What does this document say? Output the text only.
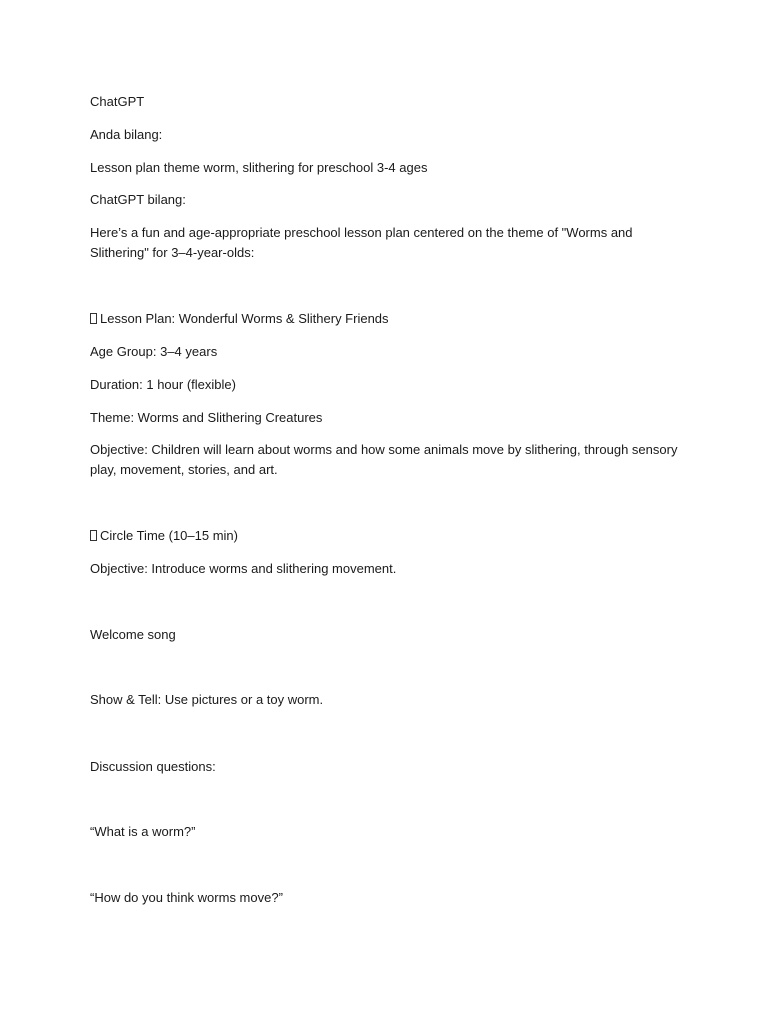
ChatGPT

Anda bilang:

Lesson plan theme worm, slithering for preschool 3-4 ages

ChatGPT bilang:

Here’s a fun and age-appropriate preschool lesson plan centered on the theme of "Worms and Slithering" for 3–4-year-olds:

Lesson Plan: Wonderful Worms & Slithery Friends

Age Group: 3–4 years

Duration: 1 hour (flexible)

Theme: Worms and Slithering Creatures

Objective: Children will learn about worms and how some animals move by slithering, through sensory play, movement, stories, and art.

Circle Time (10–15 min)

Objective: Introduce worms and slithering movement.

Welcome song

Show & Tell: Use pictures or a toy worm.

Discussion questions:

“What is a worm?”

“How do you think worms move?”
